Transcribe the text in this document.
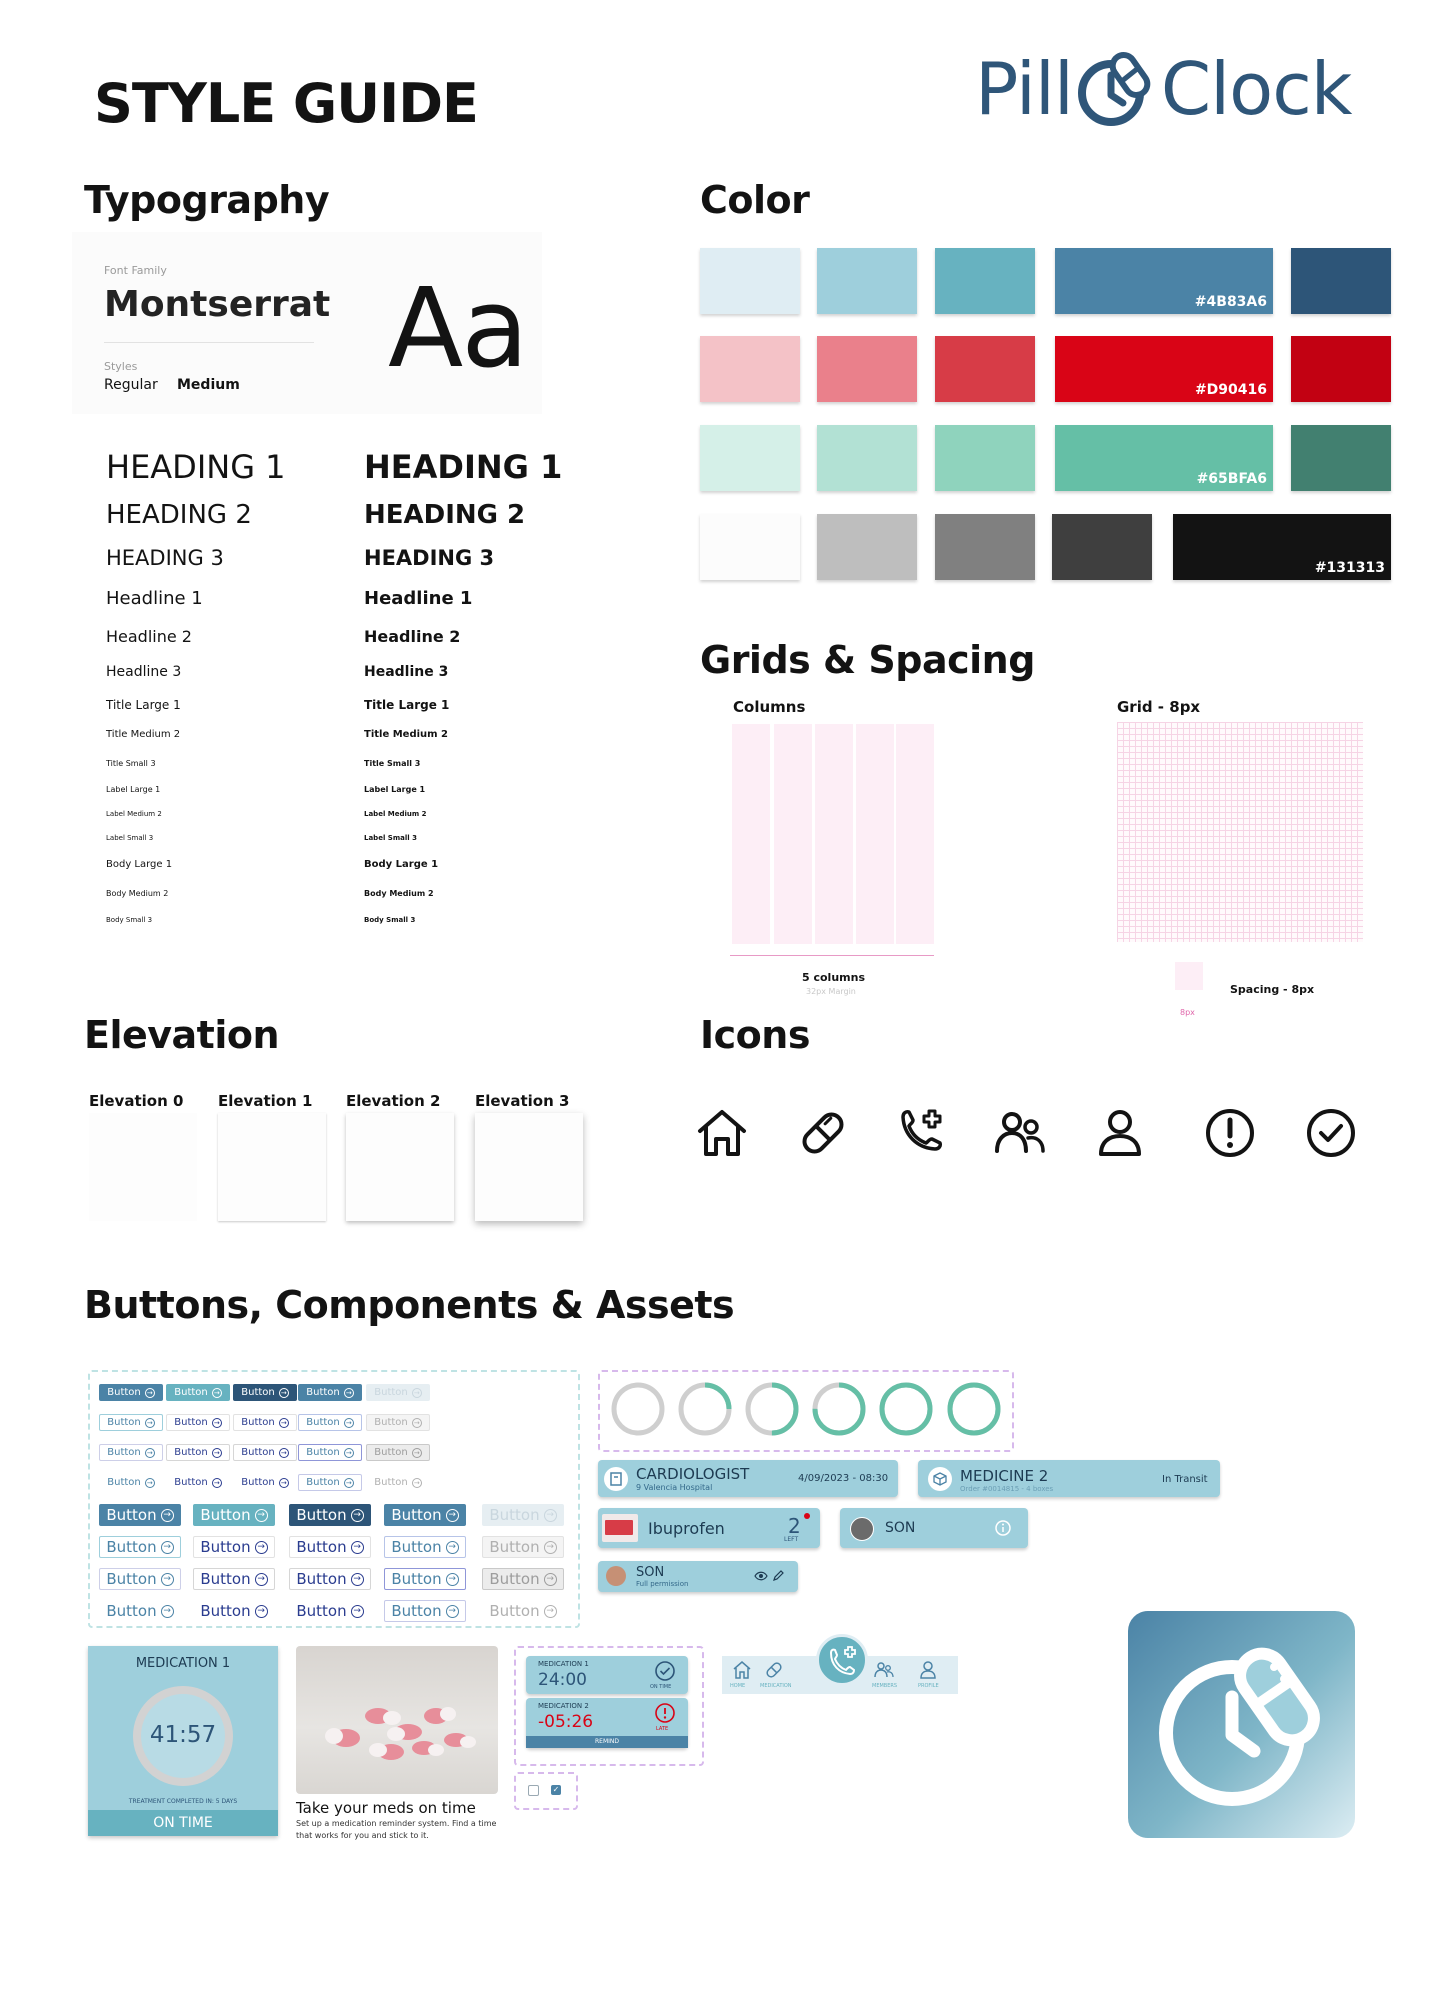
STYLE GUIDE	Pill Clock
Typography
Font Family
Montserrat
Styles
Regular Medium Aa
HEADING 1
HEADING 2
HEADING 3
Headline 1
Headline 2
Headline 3
Title Large 1
Title Medium 2
Title Small 3
Label Large 1
Label Medium 2
Label Small 3
Body Large 1
Body Medium 2
Body Small 3
HEADING 1
HEADING 2
HEADING 3
Headline 1
Headline 2
Headline 3
Title Large 1
Title Medium 2
Title Small 3
Label Large 1
Label Medium 2
Label Small 3
Body Large 1
Body Medium 2
Body Small 3
Color
#4B83A6
#D90416
#65BFA6
#131313
Grids & Spacing
Columns
5 columns
32px Margin
Grid - 8px
Spacing - 8px
8px
Elevation
Elevation 0 Elevation 1 Elevation 2 Elevation 3
Icons
Buttons, Components & Assets
Button → Button → Button → Button → Button →
Button → Button → Button → Button → Button →
Button → Button → Button → Button → Button →
Button → Button → Button → Button → Button →
Button → Button → Button → Button → Button →
Button → Button → Button → Button → Button →
Button → Button → Button → Button → Button →
Button → Button → Button → Button → Button →
CARDIOLOGIST
9 Valencia Hospital
4/09/2023 - 08:30	MEDICINE 2
Order #0014815 - 4 boxes
In Transit
Ibuprofen	2
LEFT
SON
SON
Full permission
MEDICATION 1
41:57
TREATMENT COMPLETED IN: 5 DAYS
ON TIME
Take your meds on time
Set up a medication reminder system. Find a time that works for you and stick to it.
MEDICATION 1
24:00	ON TIME
MEDICATION 2
-05:26	LATE
REMIND
✓
HOME	MEDICATION	MEMBERS	PROFILE
